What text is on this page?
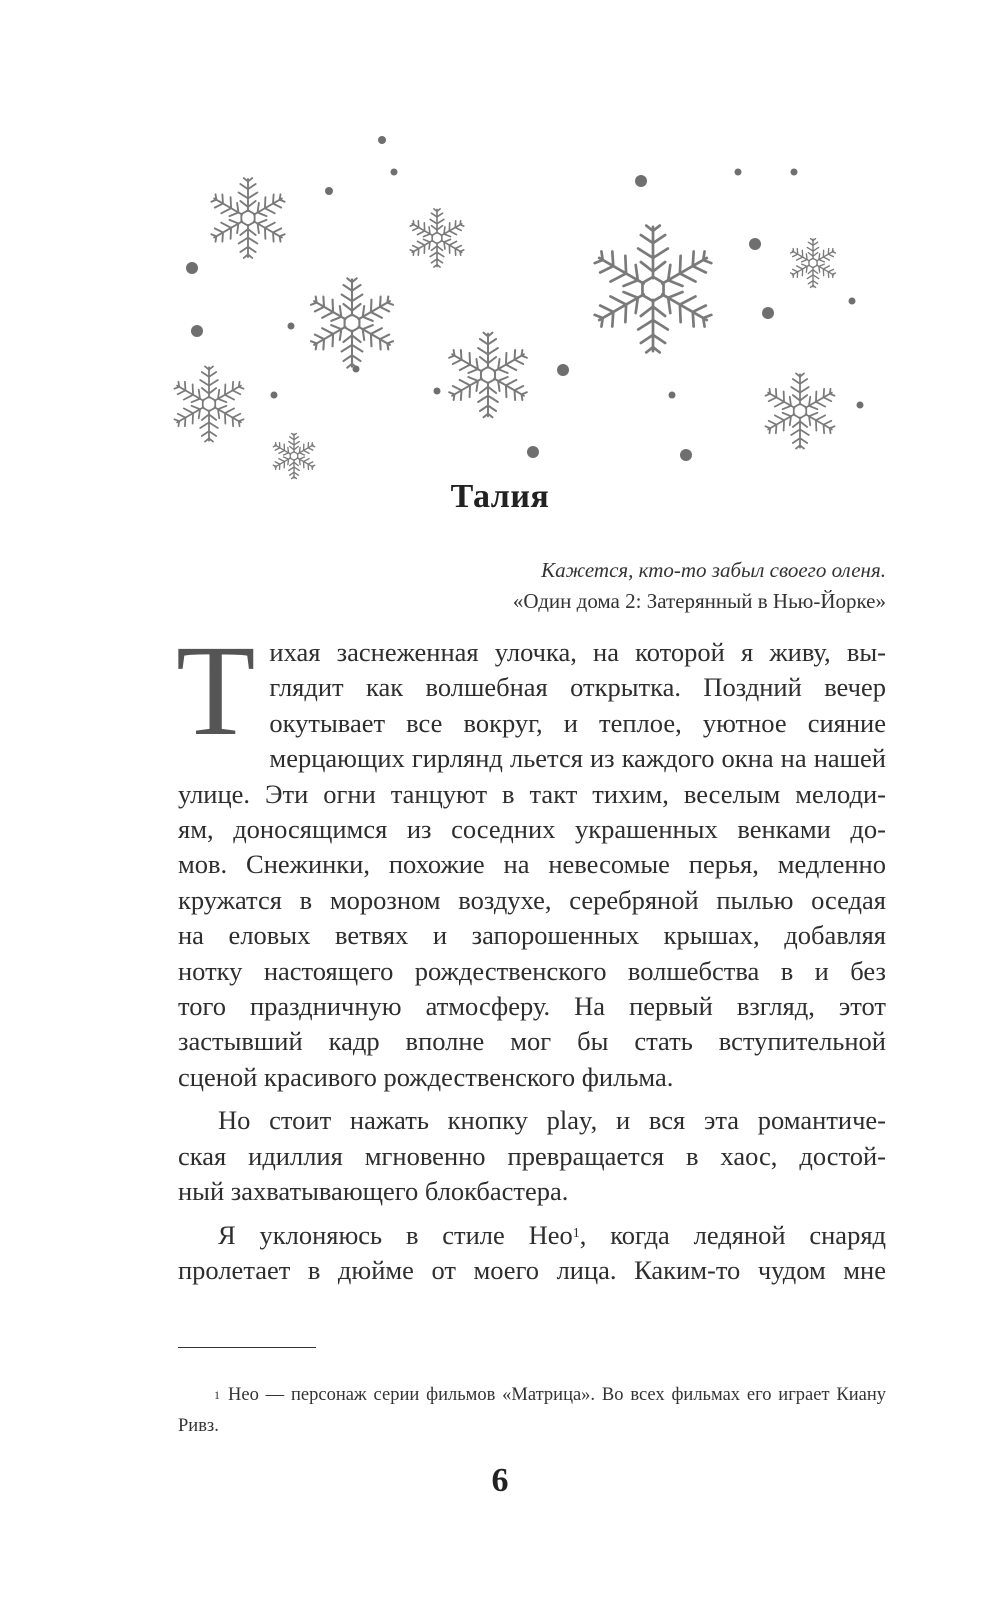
Талия
Кажется, кто-то забыл своего оленя.
«Один дома 2: Затерянный в Нью-Йорке»

Т ихая заснеженная улочка, на которой я живу, вы-
глядит как волшебная открытка. Поздний вечер
окутывает все вокруг, и теплое, уютное сияние
мерцающих гирлянд льется из каждого окна на нашей
улице. Эти огни танцуют в такт тихим, веселым мелоди-
ям, доносящимся из соседних украшенных венками до-
мов. Снежинки, похожие на невесомые перья, медленно
кружатся в морозном воздухе, серебряной пылью оседая
на еловых ветвях и запорошенных крышах, добавляя
нотку настоящего рождественского волшебства в и без
того праздничную атмосферу. На первый взгляд, этот
застывший кадр вполне мог бы стать вступительной
сценой красивого рождественского фильма.

Но стоит нажать кнопку play, и вся эта романтиче-
ская идиллия мгновенно превращается в хаос, достой-
ный захватывающего блокбастера.

Я уклоняюсь в стиле Нео$^1$, когда ледяной снаряд
пролетает в дюйме от моего лица. Каким-то чудом мне

$^1$ Нео — персонаж серии фильмов «Матрица». Во всех фильмах его играет Киану Ривз.
6
